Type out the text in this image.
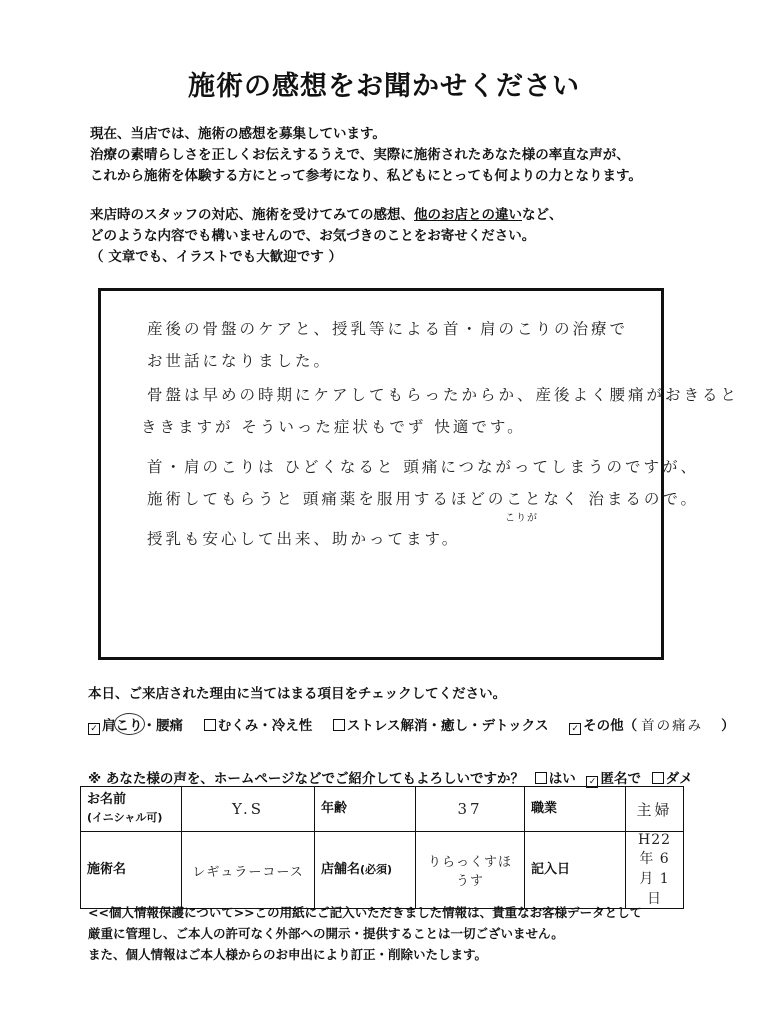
施術の感想をお聞かせください

現在、当店では、施術の感想を募集しています。

治療の素晴らしさを正しくお伝えするうえで、実際に施術されたあなた様の率直な声が、

これから施術を体験する方にとって参考になり、私どもにとっても何よりの力となります。

来店時のスタッフの対応、施術を受けてみての感想、他のお店との違いなど、

どのような内容でも構いませんので、お気づきのことをお寄せください。

（ 文章でも、イラストでも大歓迎です ）

産後の骨盤のケアと、授乳等による首・肩のこりの治療で
お世話になりました。
骨盤は早めの時期にケアしてもらったからか、産後よく腰痛がおきると
ききますが そういった症状もでず 快適です。
首・肩のこりは ひどくなると 頭痛につながってしまうのですが、
施術してもらうと 頭痛薬を服用するほどのことなく 治まるので。
こりが
授乳も安心して出来、助かってます。
本日、ご来店された理由に当てはまる項目をチェックしてください。
✓ 肩こり・腰痛	むくみ・冷え性	ストレス解消・癒し・デトックス	✓ その他（ 首の痛み ）
※ あなた様の声を、ホームページなどでご紹介してもよろしいですか？ はい ✓ 匿名で ダメ
お名前
(イニシャル可)	Y.S	年齢	37	職業	主婦
施術名	レギュラーコース	店舗名(必須)	りらっくすほうす	記入日	H22 年 6 月 1 日

<<個人情報保護について>>この用紙にご記入いただきました情報は、貴重なお客様データとして

厳重に管理し、ご本人の許可なく外部への開示・提供することは一切ございません。

また、個人情報はご本人様からのお申出により訂正・削除いたします。
